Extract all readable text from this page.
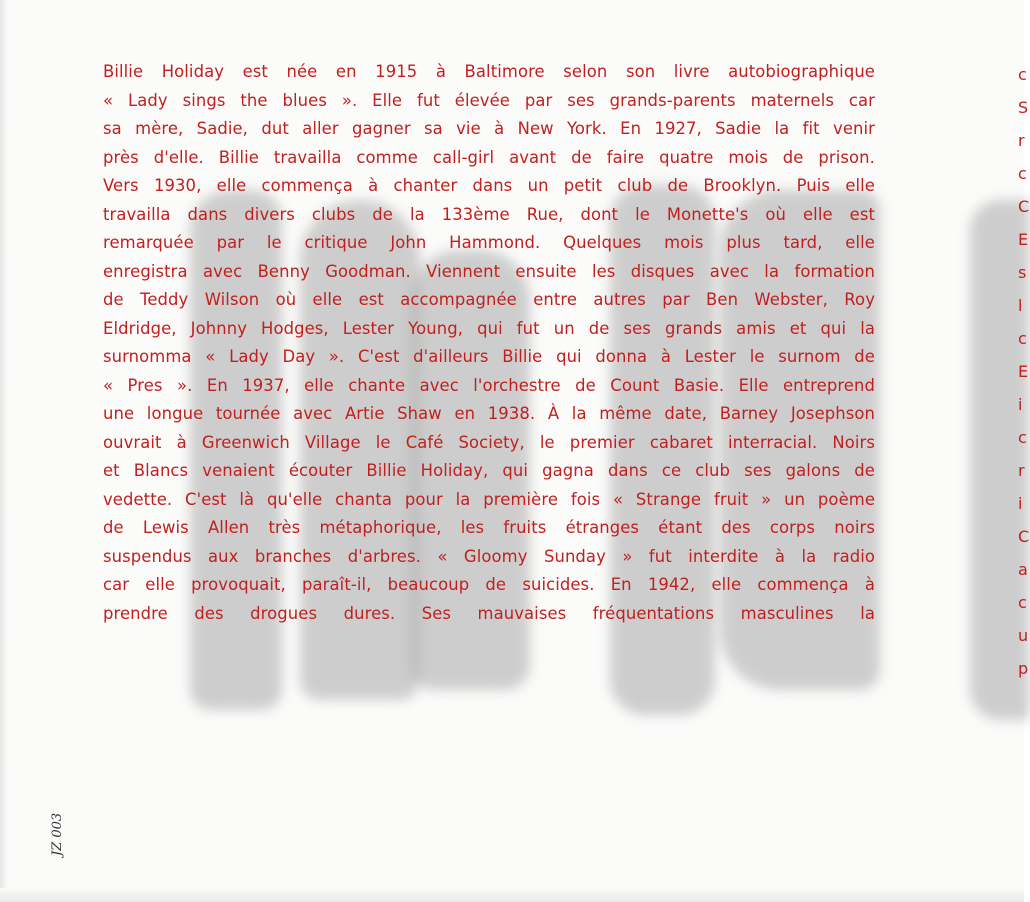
Billie Holiday est née en 1915 à Baltimore selon son livre autobiographique
« Lady sings the blues ». Elle fut élevée par ses grands-parents maternels car
sa mère, Sadie, dut aller gagner sa vie à New York. En 1927, Sadie la fit venir
près d'elle. Billie travailla comme call-girl avant de faire quatre mois de prison.
Vers 1930, elle commença à chanter dans un petit club de Brooklyn. Puis elle
travailla dans divers clubs de la 133ème Rue, dont le Monette's où elle est
remarquée par le critique John Hammond. Quelques mois plus tard, elle
enregistra avec Benny Goodman. Viennent ensuite les disques avec la formation
de Teddy Wilson où elle est accompagnée entre autres par Ben Webster, Roy
Eldridge, Johnny Hodges, Lester Young, qui fut un de ses grands amis et qui la
surnomma « Lady Day ». C'est d'ailleurs Billie qui donna à Lester le surnom de
« Pres ». En 1937, elle chante avec l'orchestre de Count Basie. Elle entreprend
une longue tournée avec Artie Shaw en 1938. À la même date, Barney Josephson
ouvrait à Greenwich Village le Café Society, le premier cabaret interracial. Noirs
et Blancs venaient écouter Billie Holiday, qui gagna dans ce club ses galons de
vedette. C'est là qu'elle chanta pour la première fois « Strange fruit » un poème
de Lewis Allen très métaphorique, les fruits étranges étant des corps noirs
suspendus aux branches d'arbres. « Gloomy Sunday » fut interdite à la radio
car elle provoquait, paraît-il, beaucoup de suicides. En 1942, elle commença à
prendre des drogues dures. Ses mauvaises fréquentations masculines la
c
S
r
c
C
E
s
l
c
E
i
c
r
i
C
a
c
u
p
JZ 003
